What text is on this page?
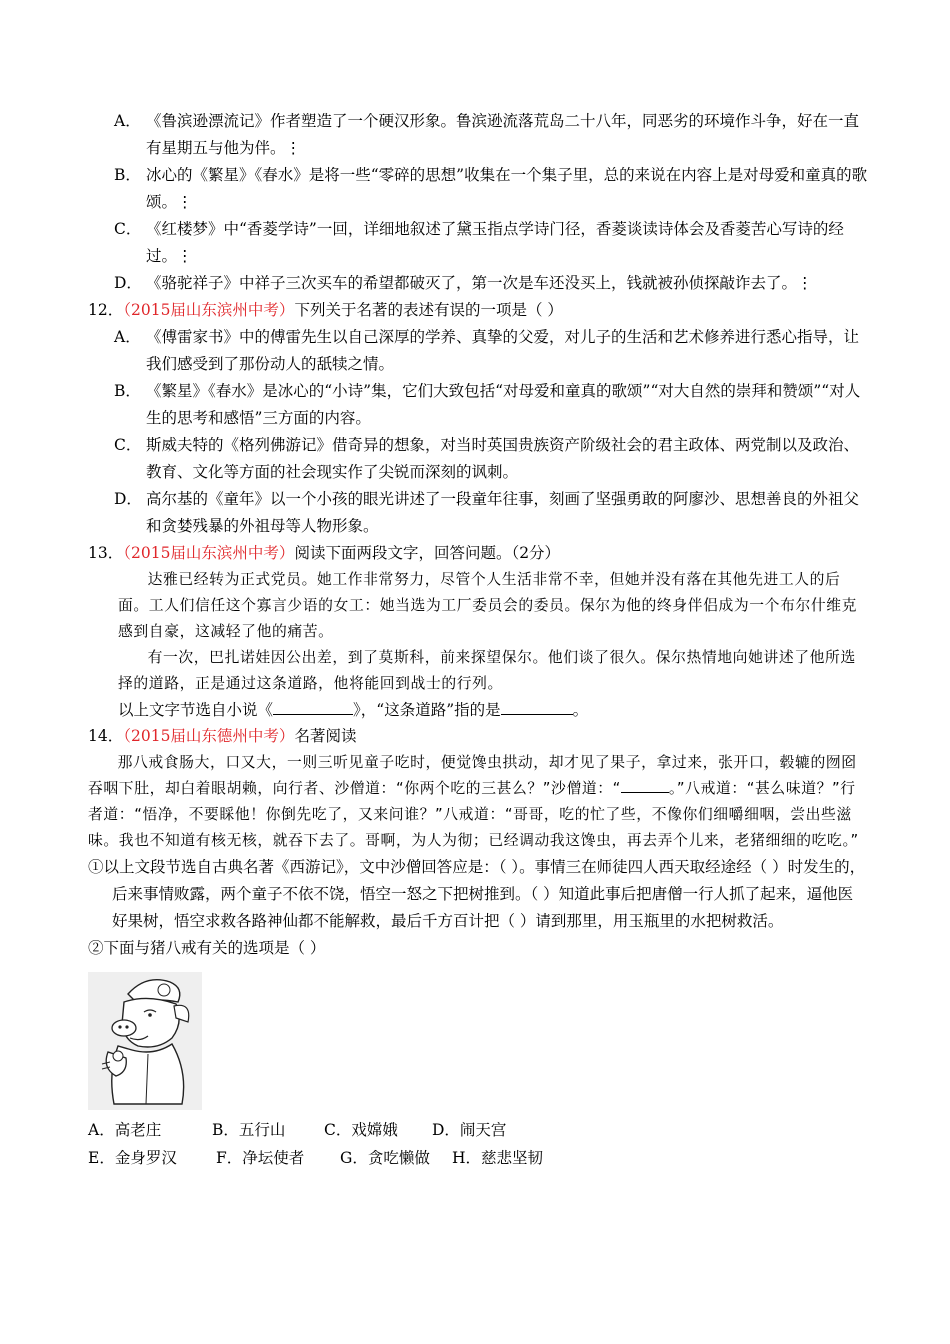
A． 《鲁滨逊漂流记》作者塑造了一个硬汉形象。鲁滨逊流落荒岛二十八年，同恶劣的环境作斗争，好在一直有星期五与他为伴。⋮

B． 冰心的《繁星》《春水》是将一些“零碎的思想”收集在一个集子里，总的来说在内容上是对母爱和童真的歌颂。⋮

C． 《红楼梦》中“香菱学诗”一回，详细地叙述了黛玉指点学诗门径，香菱谈读诗体会及香菱苦心写诗的经过。⋮

D． 《骆驼祥子》中祥子三次买车的希望都破灭了，第一次是车还没买上，钱就被孙侦探敲诈去了。⋮

12．（2015届山东滨州中考）下列关于名著的表述有误的一项是（ ）

A． 《傅雷家书》中的傅雷先生以自己深厚的学养、真挚的父爱，对儿子的生活和艺术修养进行悉心指导，让我们感受到了那份动人的舐犊之情。

B． 《繁星》《春水》是冰心的“小诗”集，它们大致包括“对母爱和童真的歌颂”“对大自然的崇拜和赞颂”“对人生的思考和感悟”三方面的内容。

C． 斯威夫特的《格列佛游记》借奇异的想象，对当时英国贵族资产阶级社会的君主政体、两党制以及政治、教育、文化等方面的社会现实作了尖锐而深刻的讽刺。

D． 高尔基的《童年》以一个小孩的眼光讲述了一段童年往事，刻画了坚强勇敢的阿廖沙、思想善良的外祖父和贪婪残暴的外祖母等人物形象。

13．（2015届山东滨州中考）阅读下面两段文字，回答问题。（2分）

达雅已经转为正式党员。她工作非常努力，尽管个人生活非常不幸，但她并没有落在其他先进工人的后面。工人们信任这个寡言少语的女工：她当选为工厂委员会的委员。保尔为他的终身伴侣成为一个布尔什维克感到自豪，这减轻了他的痛苦。

有一次，巴扎诺娃因公出差，到了莫斯科，前来探望保尔。他们谈了很久。保尔热情地向她讲述了他所选择的道路，正是通过这条道路，他将能回到战士的行列。

以上文字节选自小说《	》，“这条道路”指的是	。

14．（2015届山东德州中考）名著阅读

那八戒食肠大，口又大，一则三听见童子吃时，便觉馋虫拱动，却才见了果子，拿过来，张开口，毂辘的囫囵吞咽下肚，却白着眼胡赖，向行者、沙僧道：“你两个吃的三甚么？”沙僧道：“	。”八戒道：“甚么味道？”行者道：“悟净，不要睬他！你倒先吃了，又来问谁？”八戒道：“哥哥，吃的忙了些，不像你们细嚼细咽，尝出些滋味。我也不知道有核无核，就吞下去了。哥啊，为人为彻；已经调动我这馋虫，再去弄个儿来，老猪细细的吃吃。”

①以上文段节选自古典名著《西游记》，文中沙僧回答应是：（ ）。事情三在师徒四人西天取经途经（ ）时发生的，后来事情败露，两个童子不依不饶，悟空一怒之下把树推到。（ ）知道此事后把唐僧一行人抓了起来，逼他医好果树，悟空求救各路神仙都不能解救，最后千方百计把（ ）请到那里，用玉瓶里的水把树救活。

②下面与猪八戒有关的选项是（ ）

A．高老庄	B．五行山 C．戏嫦娥 D．闹天宫

E．金身罗汉	F．净坛使者 G．贪吃懒做 H．慈悲坚韧
